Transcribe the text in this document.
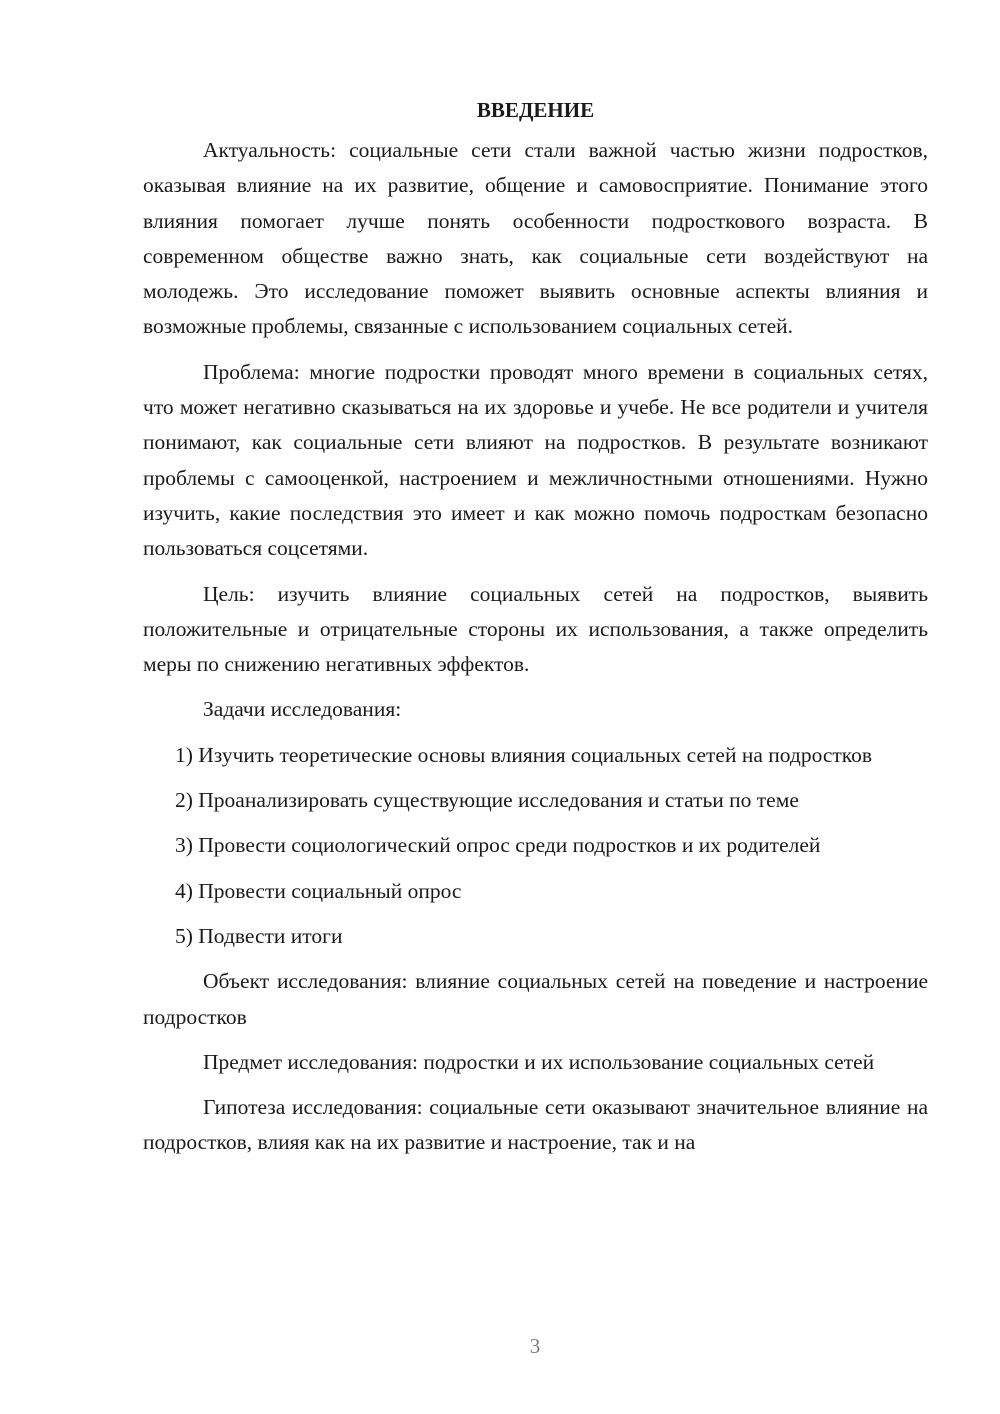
ВВЕДЕНИЕ

Актуальность: социальные сети стали важной частью жизни подростков, оказывая влияние на их развитие, общение и самовосприятие. Понимание этого влияния помогает лучше понять особенности подросткового возраста. В современном обществе важно знать, как социальные сети воздействуют на молодежь. Это исследование поможет выявить основные аспекты влияния и возможные проблемы, связанные с использованием социальных сетей.

Проблема: многие подростки проводят много времени в социальных сетях, что может негативно сказываться на их здоровье и учебе. Не все родители и учителя понимают, как социальные сети влияют на подростков. В результате возникают проблемы с самооценкой, настроением и межличностными отношениями. Нужно изучить, какие последствия это имеет и как можно помочь подросткам безопасно пользоваться соцсетями.

Цель: изучить влияние социальных сетей на подростков, выявить положительные и отрицательные стороны их использования, а также определить меры по снижению негативных эффектов.

Задачи исследования:

1) Изучить теоретические основы влияния социальных сетей на подростков

2) Проанализировать существующие исследования и статьи по теме

3) Провести социологический опрос среди подростков и их родителей

4) Провести социальный опрос

5) Подвести итоги

Объект исследования: влияние социальных сетей на поведение и настроение подростков

Предмет исследования: подростки и их использование социальных сетей

Гипотеза исследования: социальные сети оказывают значительное влияние на подростков, влияя как на их развитие и настроение, так и на

3
